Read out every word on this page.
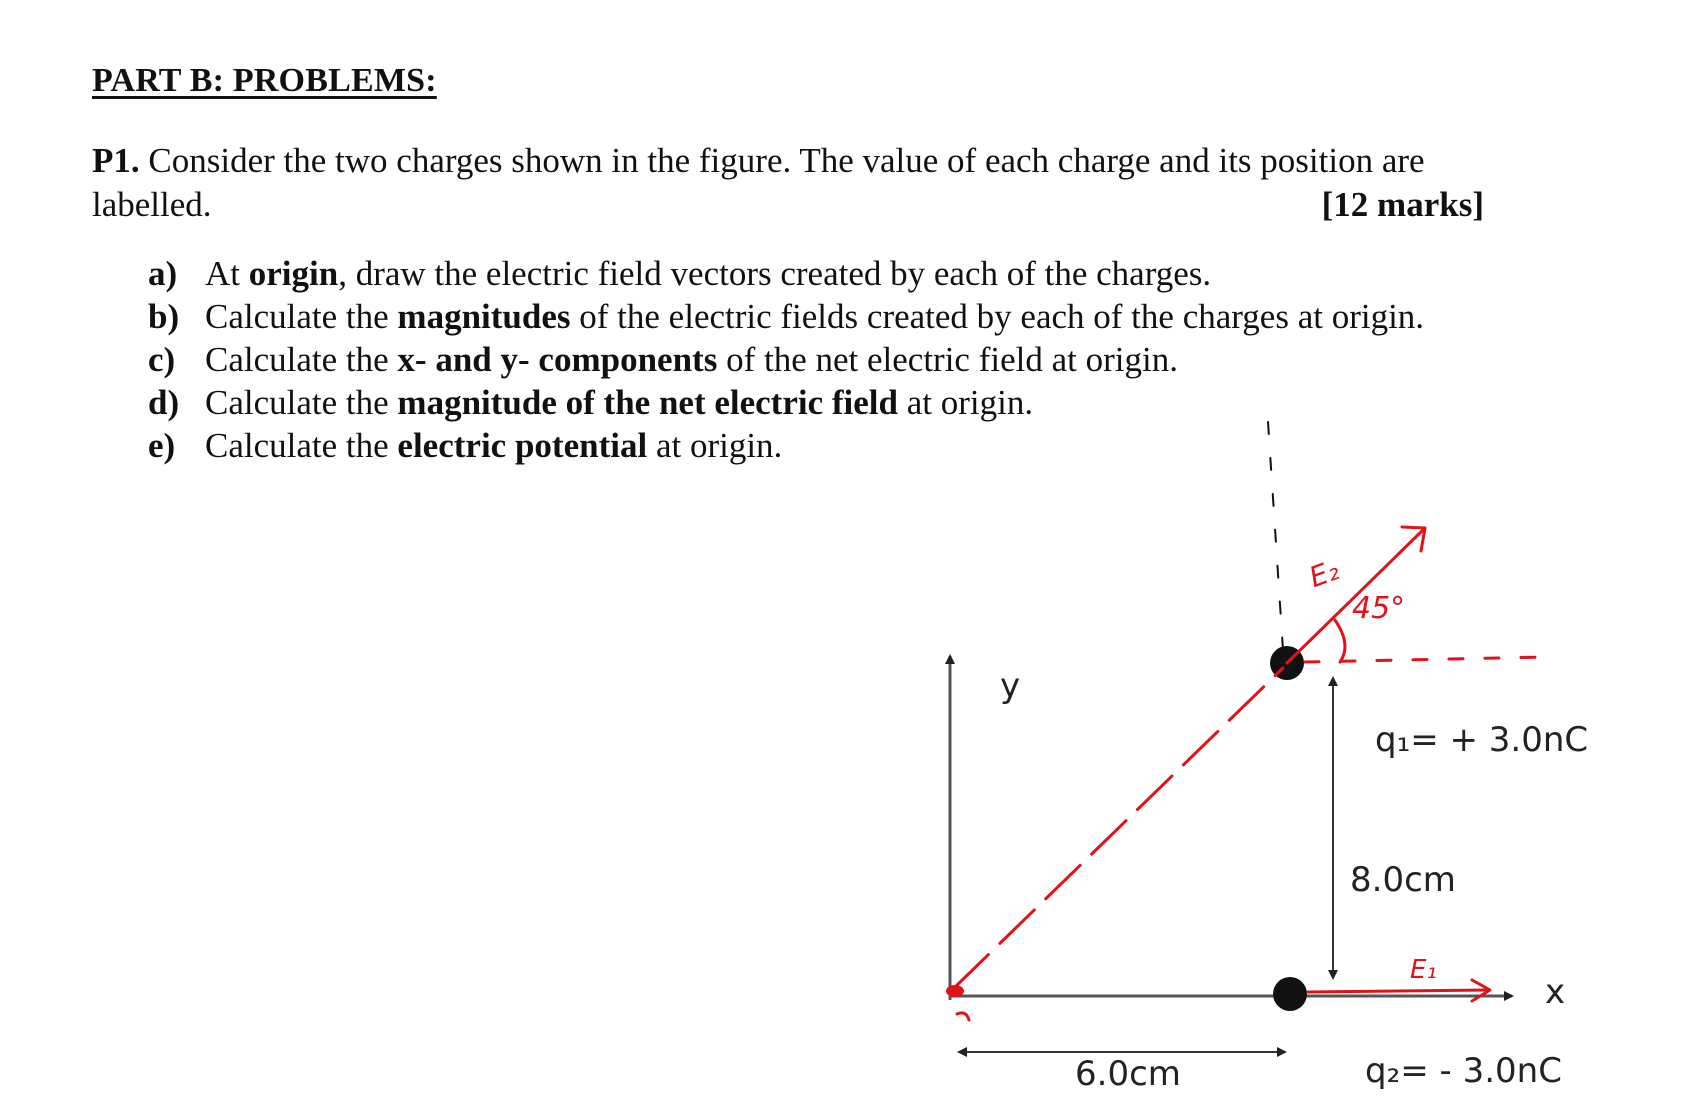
PART B: PROBLEMS:

P1. Consider the two charges shown in the figure. The value of each charge and its position are labelled.	[12 marks]
a) At origin, draw the electric field vectors created by each of the charges.
b) Calculate the magnitudes of the electric fields created by each of the charges at origin.
c) Calculate the x- and y- components of the net electric field at origin.
d) Calculate the magnitude of the net electric field at origin.
e) Calculate the electric potential at origin.
y
x
8.0cm
6.0cm
q₁= + 3.0nC
q₂= - 3.0nC
45°
E₂
E₁
